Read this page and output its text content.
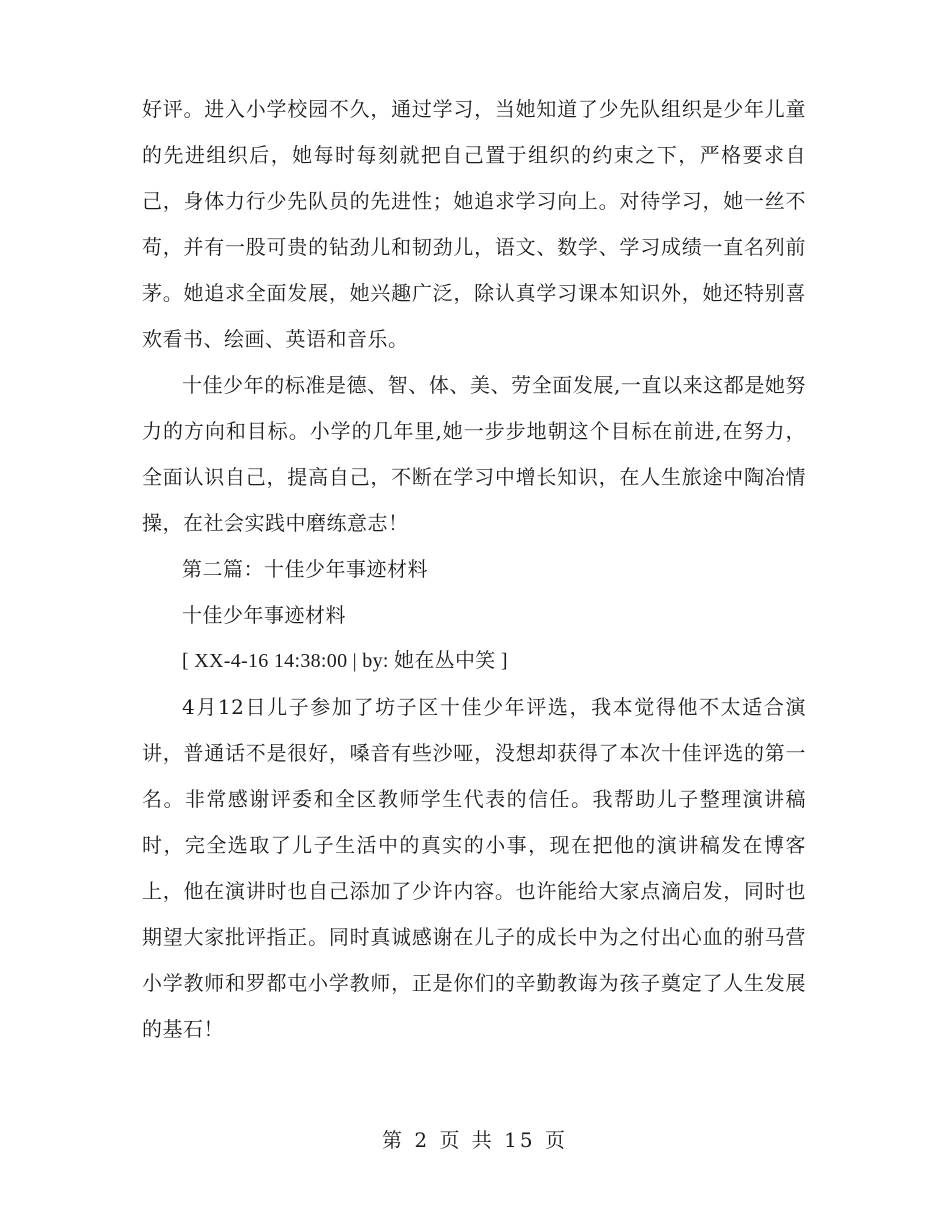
好评。进入小学校园不久，通过学习，当她知道了少先队组织是少年儿童的先进组织后，她每时每刻就把自己置于组织的约束之下，严格要求自己，身体力行少先队员的先进性；她追求学习向上。对待学习，她一丝不苟，并有一股可贵的钻劲儿和韧劲儿，语文、数学、学习成绩一直名列前茅。她追求全面发展，她兴趣广泛，除认真学习课本知识外，她还特别喜欢看书、绘画、英语和音乐。

十佳少年的标准是德、智、体、美、劳全面发展,一直以来这都是她努力的方向和目标。小学的几年里,她一步步地朝这个目标在前进,在努力，全面认识自己，提高自己，不断在学习中增长知识，在人生旅途中陶冶情操，在社会实践中磨练意志！

第二篇：十佳少年事迹材料

十佳少年事迹材料

[ XX-4-16 14:38:00 | by: 她在丛中笑 ]

4月12日儿子参加了坊子区十佳少年评选，我本觉得他不太适合演讲，普通话不是很好，嗓音有些沙哑，没想却获得了本次十佳评选的第一名。非常感谢评委和全区教师学生代表的信任。我帮助儿子整理演讲稿时，完全选取了儿子生活中的真实的小事，现在把他的演讲稿发在博客上，他在演讲时也自己添加了少许内容。也许能给大家点滴启发，同时也期望大家批评指正。同时真诚感谢在儿子的成长中为之付出心血的驸马营小学教师和罗都屯小学教师，正是你们的辛勤教诲为孩子奠定了人生发展的基石！

第 2 页 共 15 页
